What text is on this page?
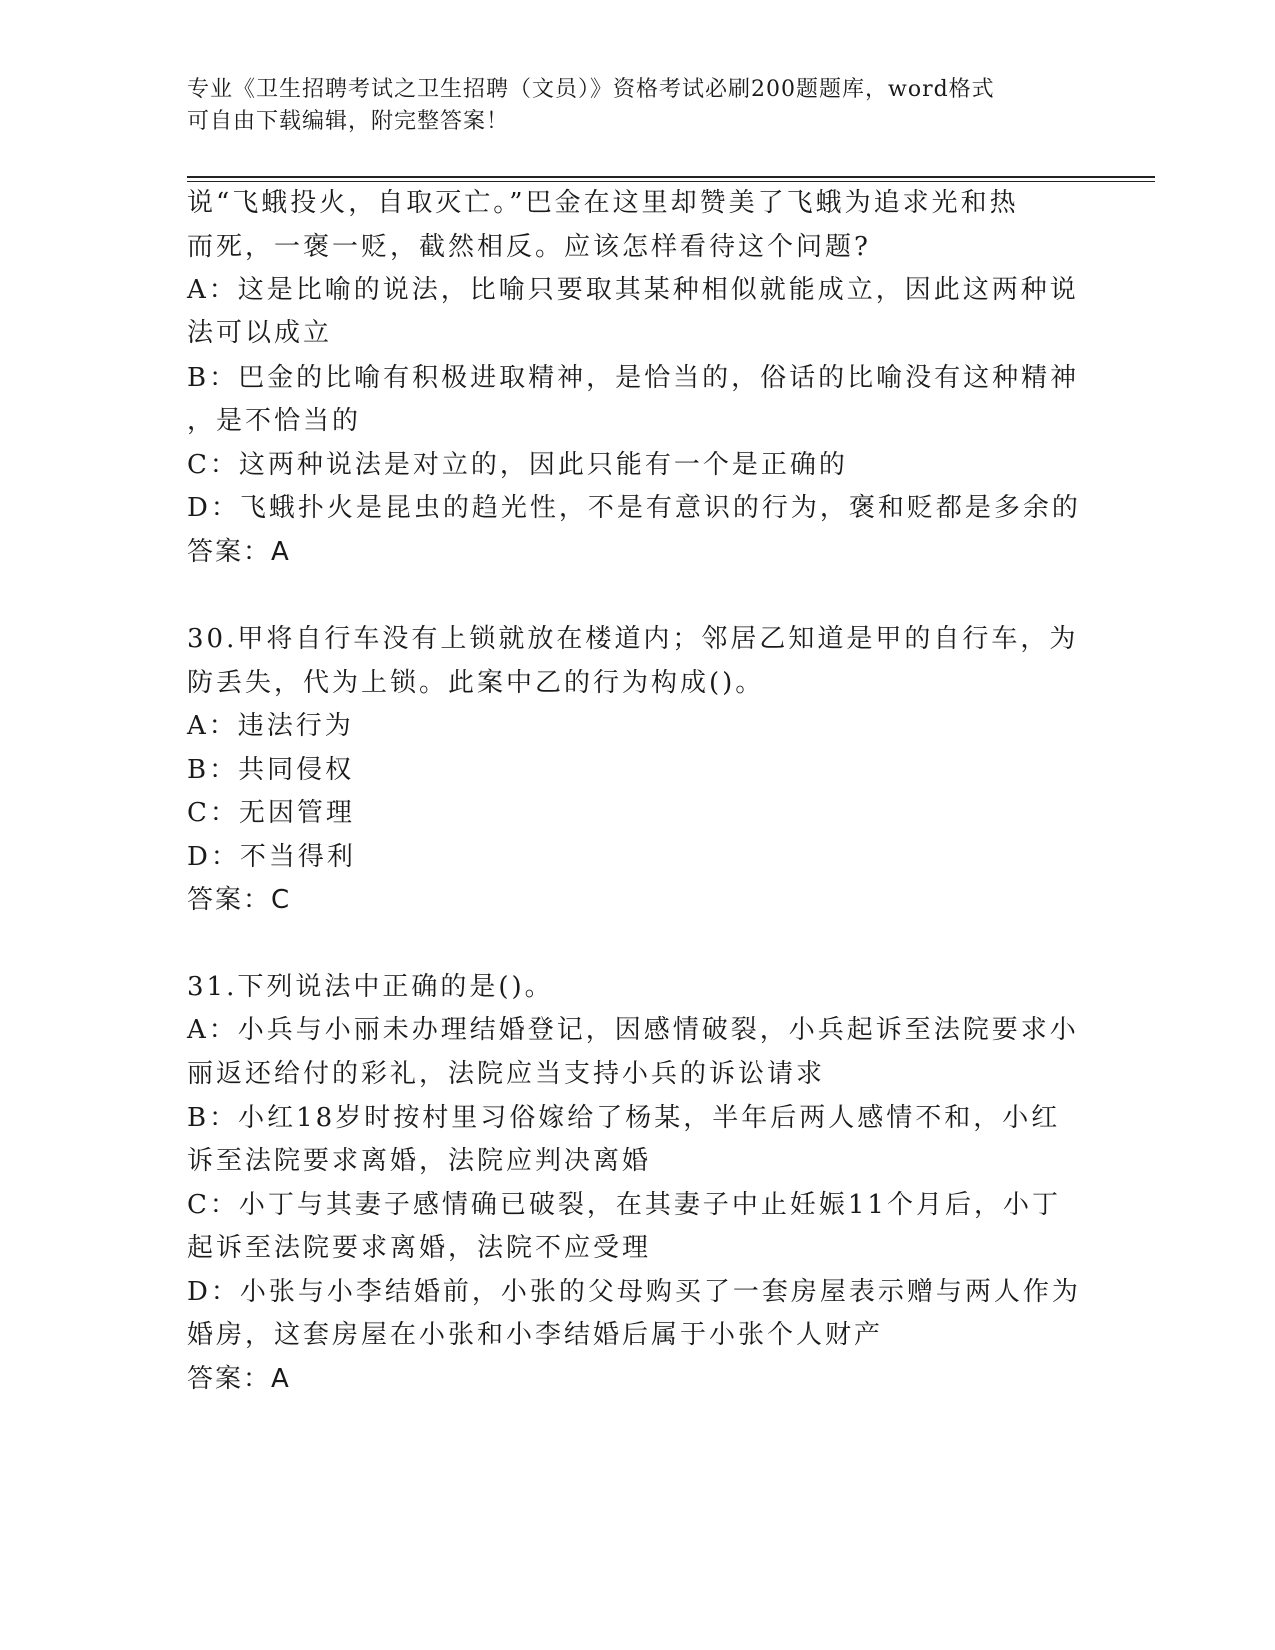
专业《卫生招聘考试之卫生招聘（文员）》资格考试必刷200题题库，word格式
可自由下载编辑，附完整答案！
说“飞蛾投火，自取灭亡。”巴金在这里却赞美了飞蛾为追求光和热
而死，一褒一贬，截然相反。应该怎样看待这个问题?
A：这是比喻的说法，比喻只要取其某种相似就能成立，因此这两种说
法可以成立
B：巴金的比喻有积极进取精神，是恰当的，俗话的比喻没有这种精神
，是不恰当的
C：这两种说法是对立的，因此只能有一个是正确的
D：飞蛾扑火是昆虫的趋光性，不是有意识的行为，褒和贬都是多余的
答案：A
30.甲将自行车没有上锁就放在楼道内；邻居乙知道是甲的自行车，为
防丢失，代为上锁。此案中乙的行为构成()。
A：违法行为
B：共同侵权
C：无因管理
D：不当得利
答案：C
31.下列说法中正确的是()。
A：小兵与小丽未办理结婚登记，因感情破裂，小兵起诉至法院要求小
丽返还给付的彩礼，法院应当支持小兵的诉讼请求
B：小红18岁时按村里习俗嫁给了杨某，半年后两人感情不和，小红
诉至法院要求离婚，法院应判决离婚
C：小丁与其妻子感情确已破裂，在其妻子中止妊娠11个月后，小丁
起诉至法院要求离婚，法院不应受理
D：小张与小李结婚前，小张的父母购买了一套房屋表示赠与两人作为
婚房，这套房屋在小张和小李结婚后属于小张个人财产
答案：A
